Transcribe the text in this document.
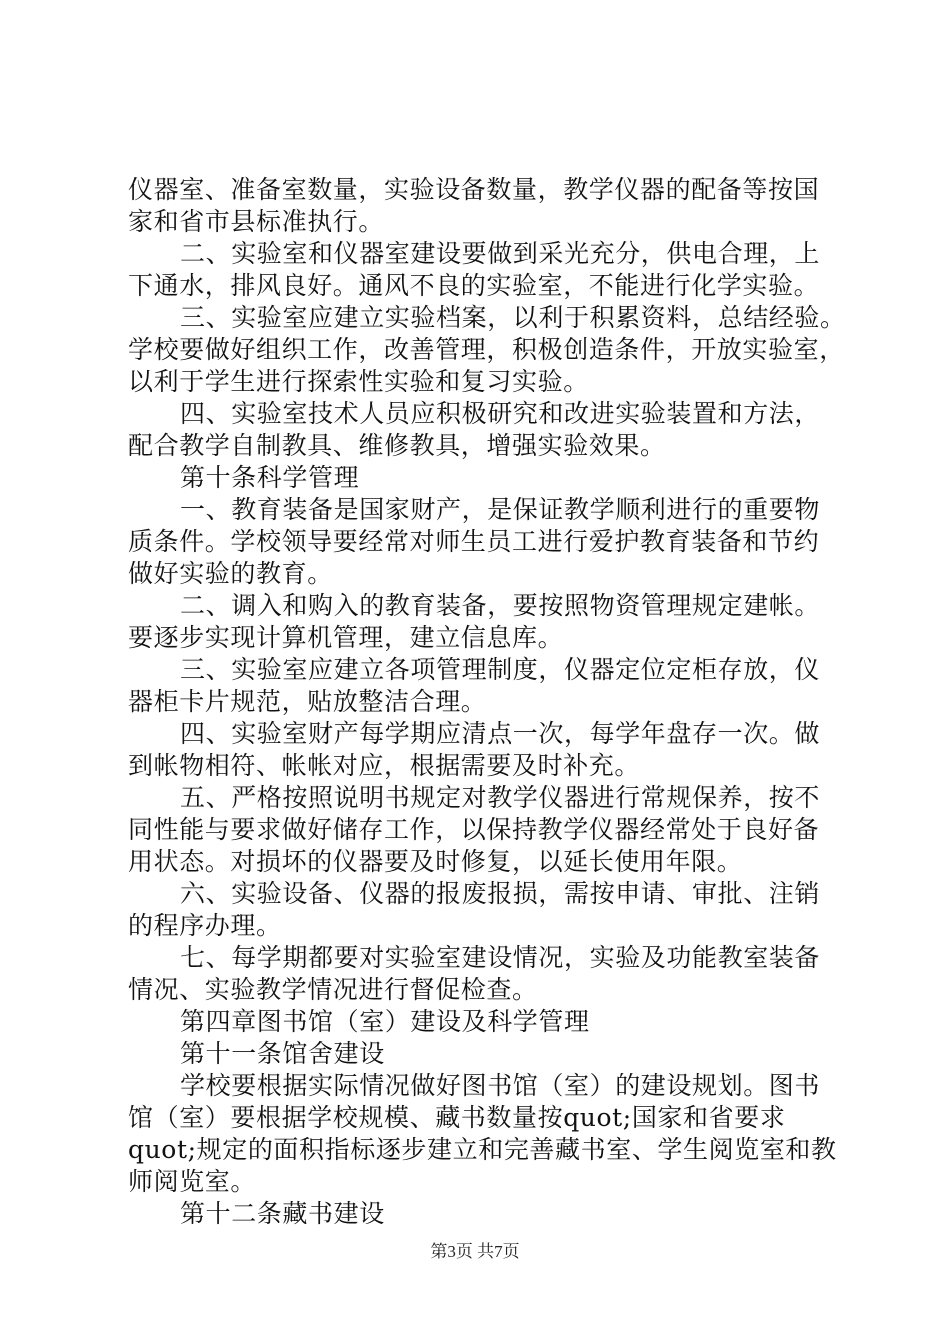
仪器室、准备室数量，实验设备数量，教学仪器的配备等按国
家和省市县标准执行。
二、实验室和仪器室建设要做到采光充分，供电合理，上
下通水，排风良好。通风不良的实验室，不能进行化学实验。
三、实验室应建立实验档案，以利于积累资料，总结经验。
学校要做好组织工作，改善管理，积极创造条件，开放实验室，
以利于学生进行探索性实验和复习实验。
四、实验室技术人员应积极研究和改进实验装置和方法，
配合教学自制教具、维修教具，增强实验效果。
第十条科学管理
一、教育装备是国家财产，是保证教学顺利进行的重要物
质条件。学校领导要经常对师生员工进行爱护教育装备和节约
做好实验的教育。
二、调入和购入的教育装备，要按照物资管理规定建帐。
要逐步实现计算机管理，建立信息库。
三、实验室应建立各项管理制度，仪器定位定柜存放，仪
器柜卡片规范，贴放整洁合理。
四、实验室财产每学期应清点一次，每学年盘存一次。做
到帐物相符、帐帐对应，根据需要及时补充。
五、严格按照说明书规定对教学仪器进行常规保养，按不
同性能与要求做好储存工作，以保持教学仪器经常处于良好备
用状态。对损坏的仪器要及时修复，以延长使用年限。
六、实验设备、仪器的报废报损，需按申请、审批、注销
的程序办理。
七、每学期都要对实验室建设情况，实验及功能教室装备
情况、实验教学情况进行督促检查。
第四章图书馆（室）建设及科学管理
第十一条馆舍建设
学校要根据实际情况做好图书馆（室）的建设规划。图书
馆（室）要根据学校规模、藏书数量按quot;国家和省要求
quot;规定的面积指标逐步建立和完善藏书室、学生阅览室和教
师阅览室。
第十二条藏书建设
第3页 共7页
